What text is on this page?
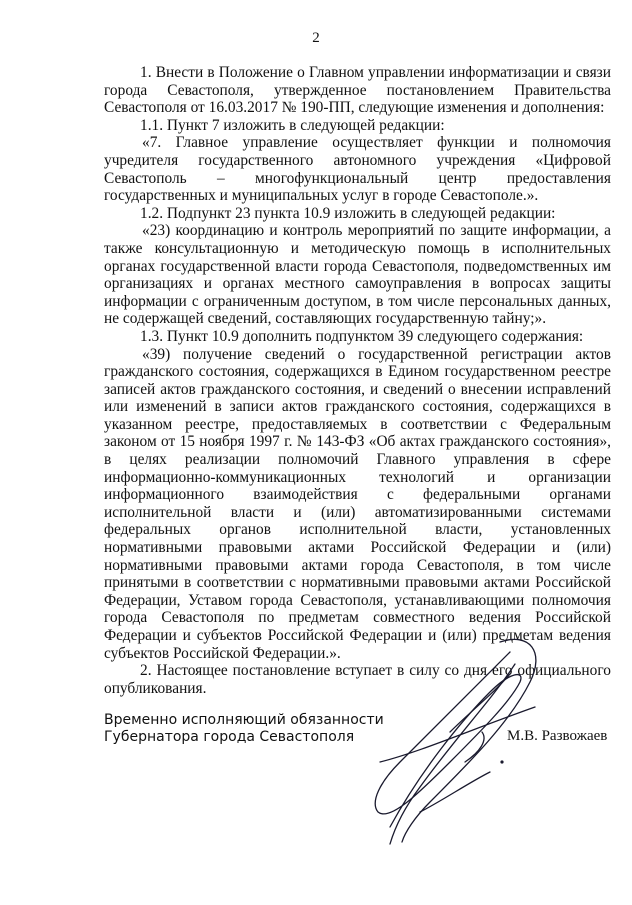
2

1. Внести в Положение о Главном управлении информатизации и связи города Севастополя, утвержденное постановлением Правительства Севастополя от 16.03.2017 № 190-ПП, следующие изменения и дополнения:

1.1. Пункт 7 изложить в следующей редакции:

«7. Главное управление осуществляет функции и полномочия учредителя государственного автономного учреждения «Цифровой Севастополь – многофункциональный центр предоставления государственных и муниципальных услуг в городе Севастополе.».

1.2. Подпункт 23 пункта 10.9 изложить в следующей редакции:

«23) координацию и контроль мероприятий по защите информации, а также консультационную и методическую помощь в исполнительных органах государственной власти города Севастополя, подведомственных им организациях и органах местного самоуправления в вопросах защиты информации с ограниченным доступом, в том числе персональных данных, не содержащей сведений, составляющих государственную тайну;».

1.3. Пункт 10.9 дополнить подпунктом 39 следующего содержания:

«39) получение сведений о государственной регистрации актов гражданского состояния, содержащихся в Едином государственном реестре записей актов гражданского состояния, и сведений о внесении исправлений или изменений в записи актов гражданского состояния, содержащихся в указанном реестре, предоставляемых в соответствии с Федеральным законом от 15 ноября 1997 г. № 143-ФЗ «Об актах гражданского состояния», в целях реализации полномочий Главного управления в сфере информационно-коммуникационных технологий и организации информационного взаимодействия с федеральными органами исполнительной власти и (или) автоматизированными системами федеральных органов исполнительной власти, установленных нормативными правовыми актами Российской Федерации и (или) нормативными правовыми актами города Севастополя, в том числе принятыми в соответствии с нормативными правовыми актами Российской Федерации, Уставом города Севастополя, устанавливающими полномочия города Севастополя по предметам совместного ведения Российской Федерации и субъектов Российской Федерации и (или) предметам ведения субъектов Российской Федерации.».

2. Настоящее постановление вступает в силу со дня его официального опубликования.

Временно исполняющий обязанности
Губернатора города Севастополя	М.В. Развожаев
